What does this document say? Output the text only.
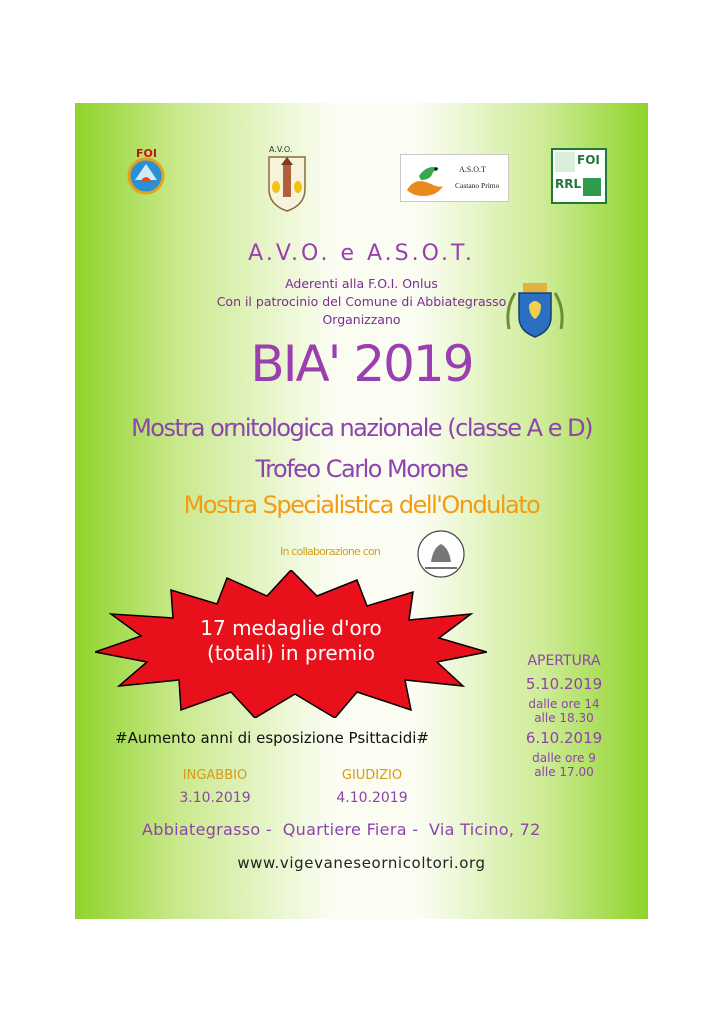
FOI	A.V.O.
A.S.O.T
Castano Primo
FOI
RRL
A.V.O. e A.S.O.T.
Aderenti alla F.O.I. Onlus
Con il patrocinio del Comune di Abbiategrasso
Organizzano
BIA' 2019
Mostra ornitologica nazionale (classe A e D)
Trofeo Carlo Morone
Mostra Specialistica dell'Ondulato
In collaborazione con
17 medaglie d'oro
(totali) in premio	APERTURA
5.10.2019
dalle ore 14
alle 18.30
6.10.2019
dalle ore 9
alle 17.00
#Aumento anni di esposizione Psittacidi#
INGABBIO
3.10.2019
GIUDIZIO
4.10.2019
Abbiategrasso -  Quartiere Fiera -  Via Ticino, 72
www.vigevaneseornicoltori.org
